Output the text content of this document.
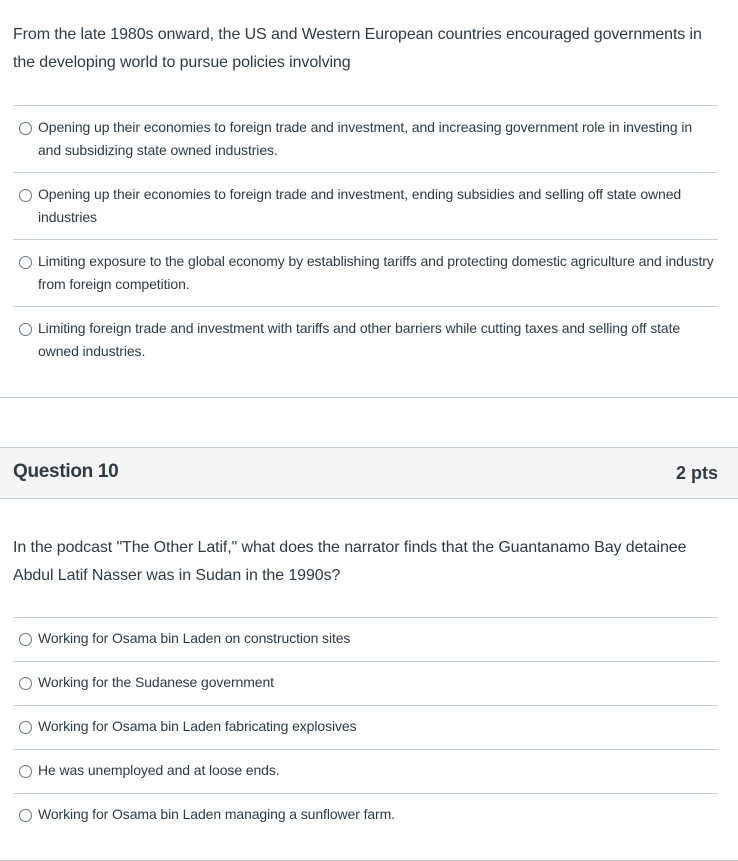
From the late 1980s onward, the US and Western European countries encouraged governments in the developing world to pursue policies involving
Opening up their economies to foreign trade and investment, and increasing government role in investing in and subsidizing state owned industries.
Opening up their economies to foreign trade and investment, ending subsidies and selling off state owned industries
Limiting exposure to the global economy by establishing tariffs and protecting domestic agriculture and industry from foreign competition.
Limiting foreign trade and investment with tariffs and other barriers while cutting taxes and selling off state owned industries.
Question 10	2 pts
In the podcast "The Other Latif," what does the narrator finds that the Guantanamo Bay detainee Abdul Latif Nasser was in Sudan in the 1990s?
Working for Osama bin Laden on construction sites
Working for the Sudanese government
Working for Osama bin Laden fabricating explosives
He was unemployed and at loose ends.
Working for Osama bin Laden managing a sunflower farm.
